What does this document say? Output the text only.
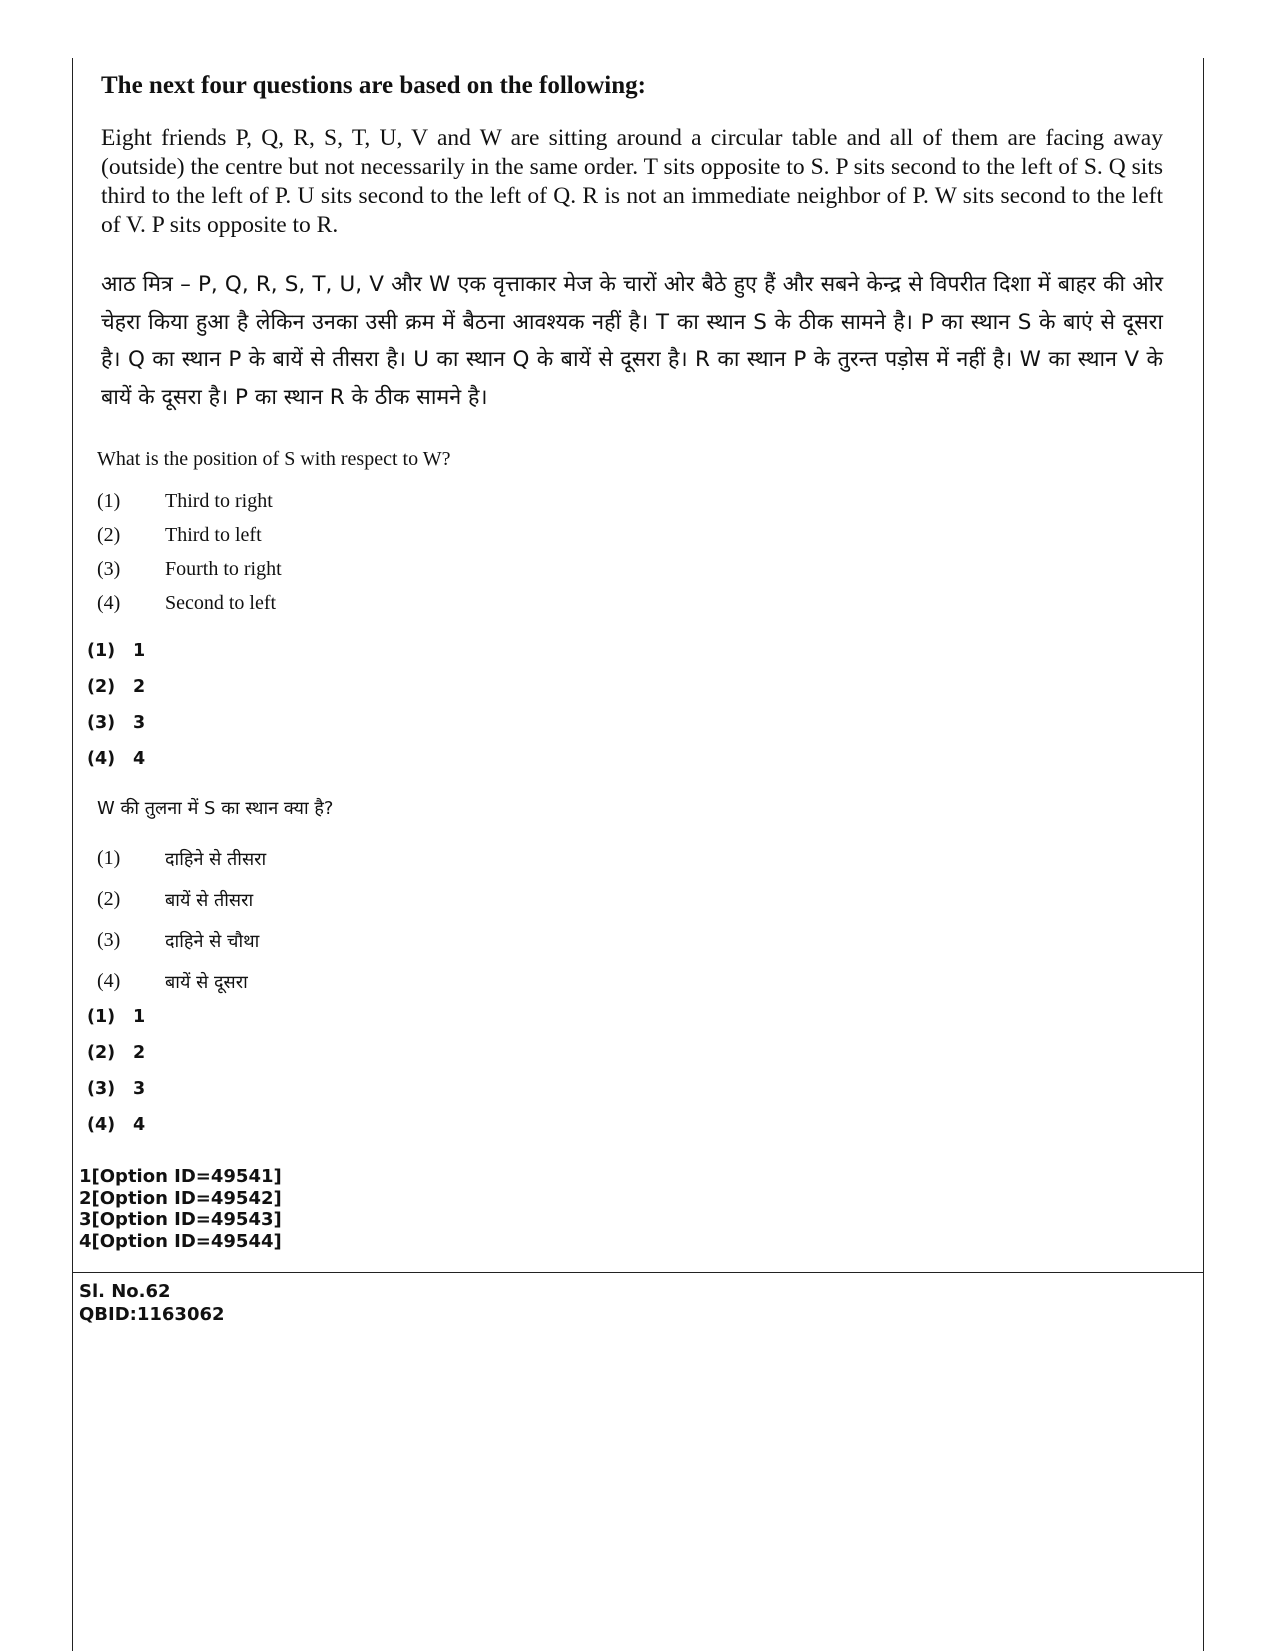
The next four questions are based on the following:

Eight friends P, Q, R, S, T, U, V and W are sitting around a circular table and all of them are facing away (outside) the centre but not necessarily in the same order. T sits opposite to S. P sits second to the left of S. Q sits third to the left of P. U sits second to the left of Q. R is not an immediate neighbor of P. W sits second to the left of V. P sits opposite to R.

आठ मित्र – P, Q, R, S, T, U, V और W एक वृत्ताकार मेज के चारों ओर बैठे हुए हैं और सबने केन्द्र से विपरीत दिशा में बाहर की ओर चेहरा किया हुआ है लेकिन उनका उसी क्रम में बैठना आवश्यक नहीं है। T का स्थान S के ठीक सामने है। P का स्थान S के बाएं से दूसरा है। Q का स्थान P के बायें से तीसरा है। U का स्थान Q के बायें से दूसरा है। R का स्थान P के तुरन्त पड़ोस में नहीं है। W का स्थान V के बायें के दूसरा है। P का स्थान R के ठीक सामने है।

What is the position of S with respect to W?

(1)	Third to right
(2)	Third to left
(3)	Fourth to right
(4)	Second to left
(1)	1
(2)	2
(3)	3
(4)	4

W की तुलना में S का स्थान क्या है?

(1)	दाहिने से तीसरा
(2)	बायें से तीसरा
(3)	दाहिने से चौथा
(4)	बायें से दूसरा
(1)	1
(2)	2
(3)	3
(4)	4
1[Option ID=49541]
2[Option ID=49542]
3[Option ID=49543]
4[Option ID=49544]
Sl. No.62
QBID:1163062
